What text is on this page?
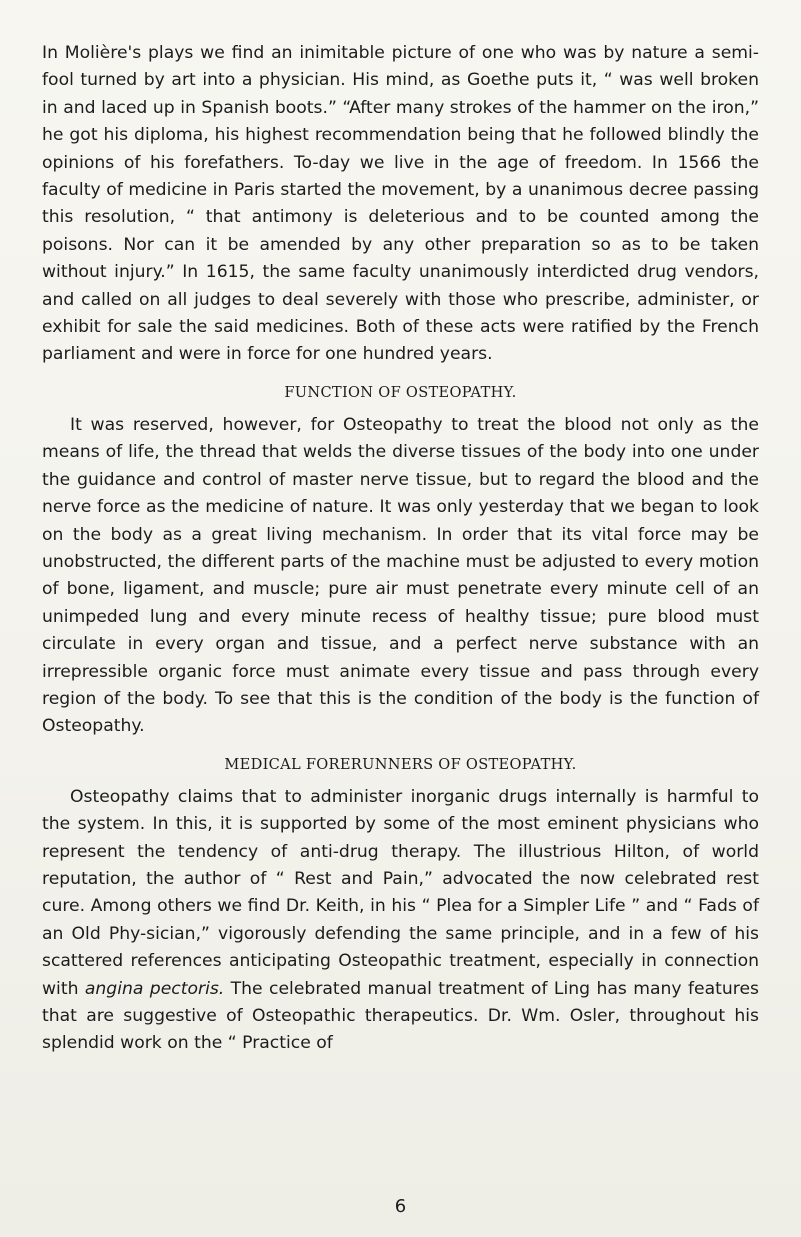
In Molière's plays we find an inimitable picture of one who was by nature a semi-fool turned by art into a physician. His mind, as Goethe puts it, “ was well broken in and laced up in Spanish boots.” “After many strokes of the hammer on the iron,” he got his diploma, his highest recommendation being that he followed blindly the opinions of his forefathers. To-day we live in the age of freedom. In 1566 the faculty of medicine in Paris started the movement, by a unanimous decree passing this resolution, “ that antimony is deleterious and to be counted among the poisons. Nor can it be amended by any other preparation so as to be taken without injury.” In 1615, the same faculty unanimously interdicted drug vendors, and called on all judges to deal severely with those who prescribe, administer, or exhibit for sale the said medicines. Both of these acts were ratified by the French parliament and were in force for one hundred years.

FUNCTION OF OSTEOPATHY.

It was reserved, however, for Osteopathy to treat the blood not only as the means of life, the thread that welds the diverse tissues of the body into one under the guidance and control of master nerve tissue, but to regard the blood and the nerve force as the medicine of nature. It was only yesterday that we began to look on the body as a great living mechanism. In order that its vital force may be unobstructed, the different parts of the machine must be adjusted to every motion of bone, ligament, and muscle; pure air must penetrate every minute cell of an unimpeded lung and every minute recess of healthy tissue; pure blood must circulate in every organ and tissue, and a perfect nerve substance with an irrepressible organic force must animate every tissue and pass through every region of the body. To see that this is the condition of the body is the function of Osteopathy.

MEDICAL FORERUNNERS OF OSTEOPATHY.

Osteopathy claims that to administer inorganic drugs internally is harmful to the system. In this, it is supported by some of the most eminent physicians who represent the tendency of anti-drug therapy. The illustrious Hilton, of world reputation, the author of “ Rest and Pain,” advocated the now celebrated rest cure. Among others we find Dr. Keith, in his “ Plea for a Simpler Life ” and “ Fads of an Old Phy-sician,” vigorously defending the same principle, and in a few of his scattered references anticipating Osteopathic treatment, especially in connection with angina pectoris. The celebrated manual treatment of Ling has many features that are suggestive of Osteopathic therapeutics. Dr. Wm. Osler, throughout his splendid work on the “ Practice of

6
